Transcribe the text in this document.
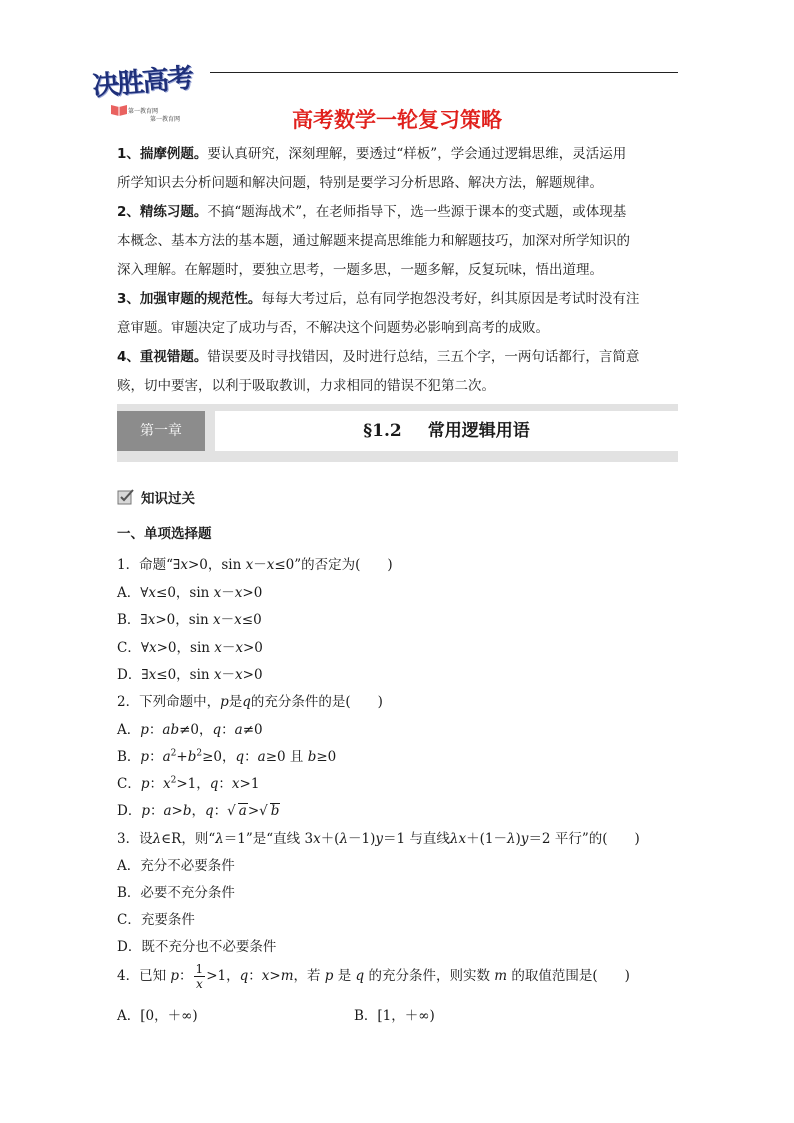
决胜高考
第一教育网
第一教育网	高考数学一轮复习策略
1、揣摩例题。要认真研究，深刻理解，要透过“样板”，学会通过逻辑思维，灵活运用
所学知识去分析问题和解决问题，特别是要学习分析思路、解决方法，解题规律。
2、精练习题。不搞“题海战术”，在老师指导下，选一些源于课本的变式题，或体现基
本概念、基本方法的基本题，通过解题来提高思维能力和解题技巧，加深对所学知识的
深入理解。在解题时，要独立思考，一题多思，一题多解，反复玩味，悟出道理。
3、加强审题的规范性。每每大考过后，总有同学抱怨没考好，纠其原因是考试时没有注
意审题。审题决定了成功与否，不解决这个问题势必影响到高考的成败。
4、重视错题。错误要及时寻找错因，及时进行总结，三五个字，一两句话都行，言简意
赅，切中要害，以利于吸取教训，力求相同的错误不犯第二次。
第一章	§1.2 常用逻辑用语
知识过关
一、单项选择题
1．命题“∃x>0，sin x－x≤0”的否定为(　　)
A．∀x≤0，sin x－x>0
B．∃x>0，sin x－x≤0
C．∀x>0，sin x－x>0
D．∃x≤0，sin x－x>0
2．下列命题中，p是q的充分条件的是(　　)
A．p：ab≠0，q：a≠0
B．p：$a^2+b^2\ge 0$，q：a≥0 且 b≥0
C．p：$x^2>1$，q：x>1
D．p：a>b，q：√ a>√ b
3．设λ∈R，则“λ＝1”是“直线 3x＋(λ－1)y＝1 与直线λx＋(1－λ)y＝2 平行”的(　　)
A．充分不必要条件
B．必要不充分条件
C．充要条件
D．既不充分也不必要条件
4．已知 p： $\frac{1}{x} >1$，q：x>m，若 p 是 q 的充分条件，则实数 m 的取值范围是(　　)
A．[0，＋∞)	B．[1，＋∞)
